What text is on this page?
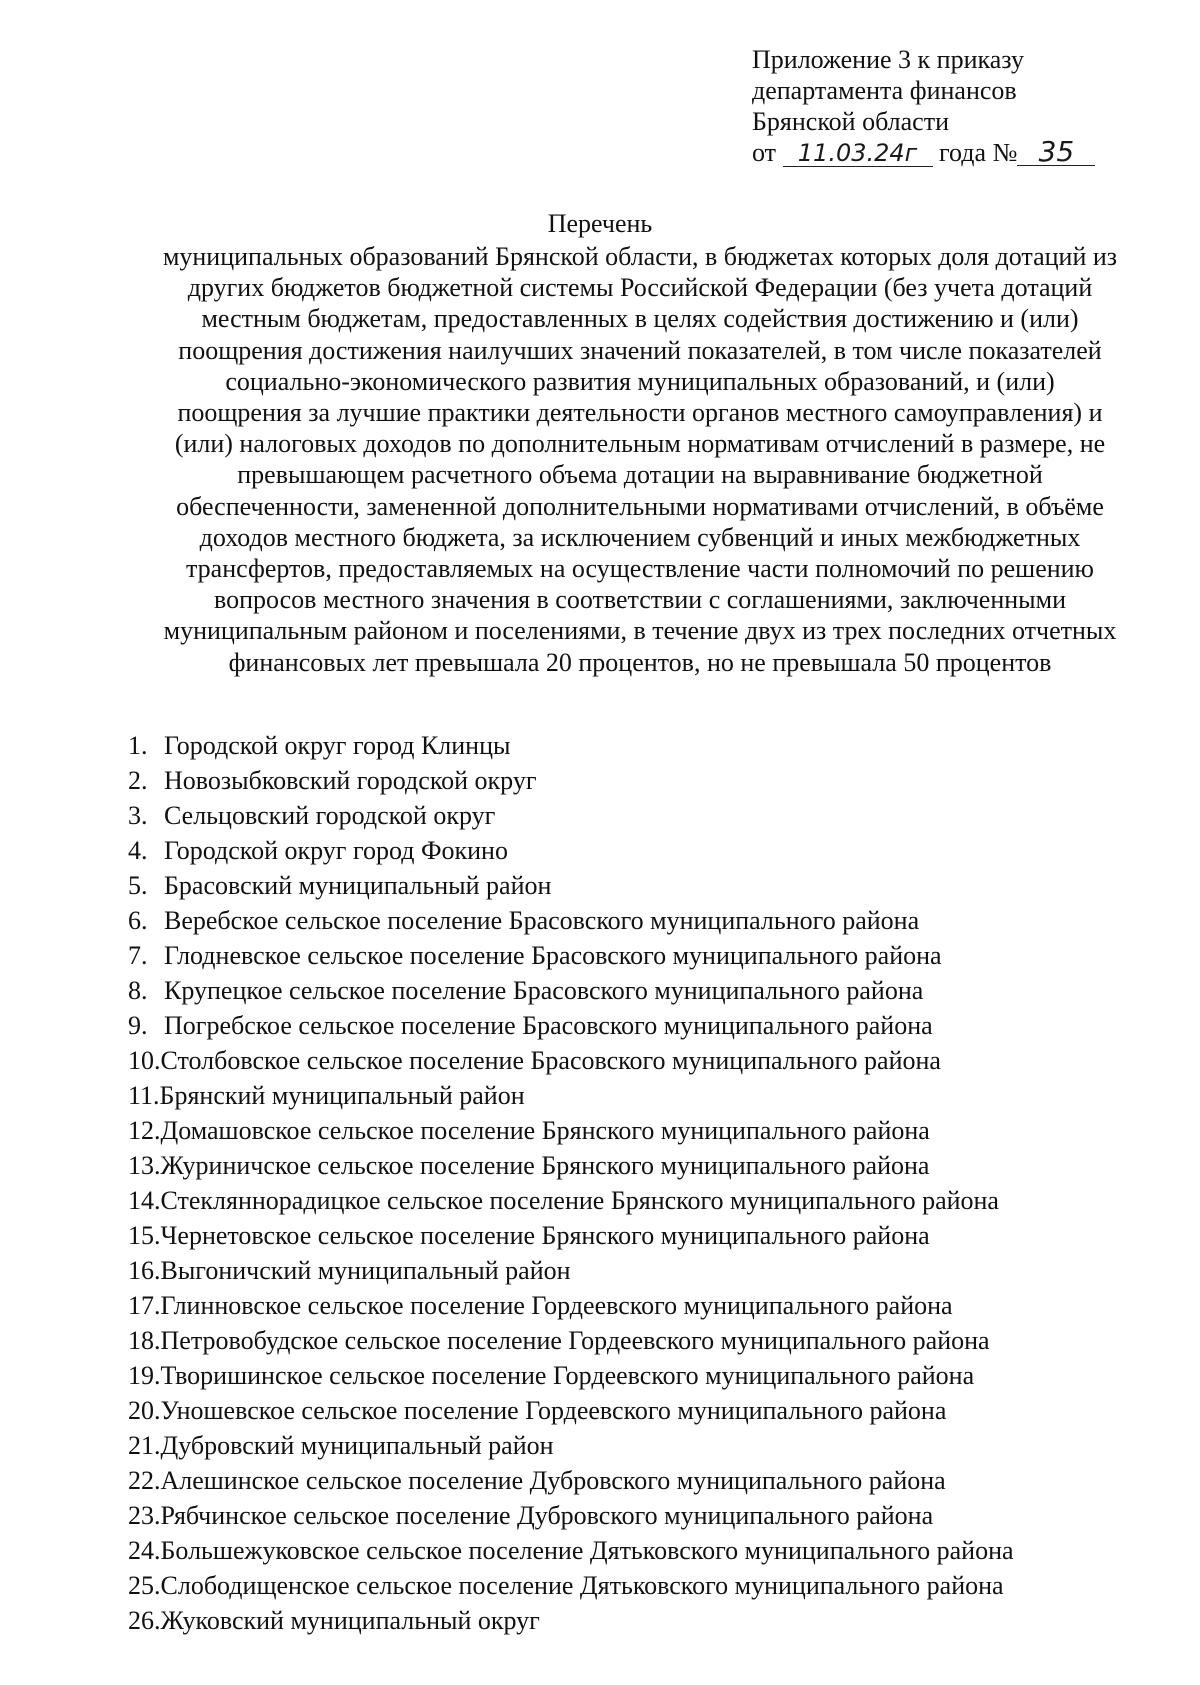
Приложение 3 к приказу
департамента финансов
Брянской области
от 11.03.24г года № 35
Перечень
муниципальных образований Брянской области, в бюджетах которых доля дотаций из
других бюджетов бюджетной системы Российской Федерации (без учета дотаций
местным бюджетам, предоставленных в целях содействия достижению и (или)
поощрения достижения наилучших значений показателей, в том числе показателей
социально-экономического развития муниципальных образований, и (или)
поощрения за лучшие практики деятельности органов местного самоуправления) и
(или) налоговых доходов по дополнительным нормативам отчислений в размере, не
превышающем расчетного объема дотации на выравнивание бюджетной
обеспеченности, замененной дополнительными нормативами отчислений, в объёме
доходов местного бюджета, за исключением субвенций и иных межбюджетных
трансфертов, предоставляемых на осуществление части полномочий по решению
вопросов местного значения в соответствии с соглашениями, заключенными
муниципальным районом и поселениями, в течение двух из трех последних отчетных
финансовых лет превышала 20 процентов, но не превышала 50 процентов
1. Городской округ город Клинцы
2. Новозыбковский городской округ
3. Сельцовский городской округ
4. Городской округ город Фокино
5. Брасовский муниципальный район
6. Веребское сельское поселение Брасовского муниципального района
7. Глодневское сельское поселение Брасовского муниципального района
8. Крупецкое сельское поселение Брасовского муниципального района
9. Погребское сельское поселение Брасовского муниципального района
10.Столбовское сельское поселение Брасовского муниципального района
11.Брянский муниципальный район
12.Домашовское сельское поселение Брянского муниципального района
13.Журиничское сельское поселение Брянского муниципального района
14.Стекляннорадицкое сельское поселение Брянского муниципального района
15.Чернетовское сельское поселение Брянского муниципального района
16.Выгоничский муниципальный район
17.Глинновское сельское поселение Гордеевского муниципального района
18.Петровобудское сельское поселение Гордеевского муниципального района
19.Творишинское сельское поселение Гордеевского муниципального района
20.Уношевское сельское поселение Гордеевского муниципального района
21.Дубровский муниципальный район
22.Алешинское сельское поселение Дубровского муниципального района
23.Рябчинское сельское поселение Дубровского муниципального района
24.Большежуковское сельское поселение Дятьковского муниципального района
25.Слободищенское сельское поселение Дятьковского муниципального района
26.Жуковский муниципальный округ
